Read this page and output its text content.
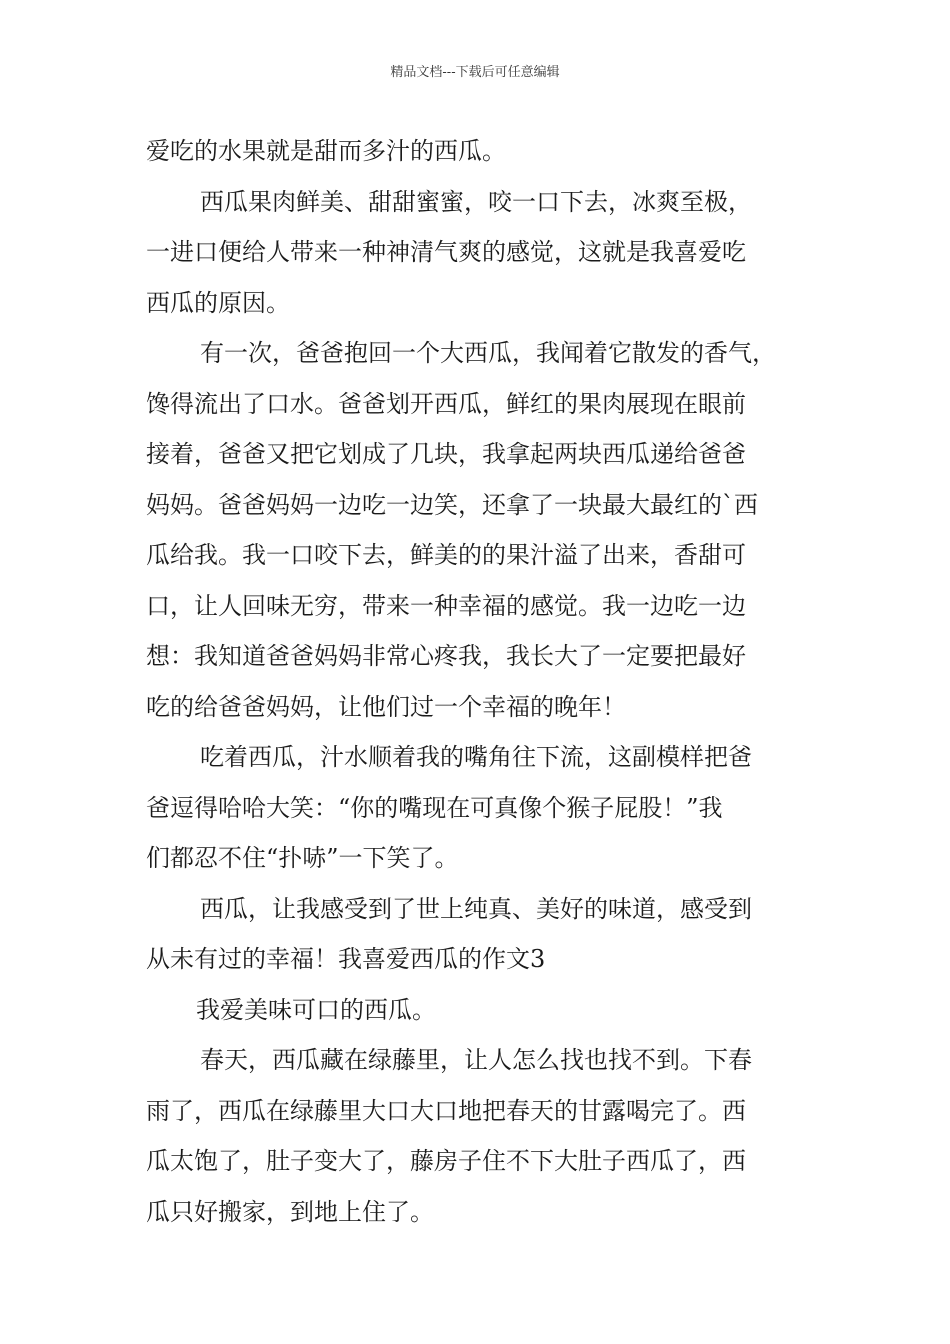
精品文档---下载后可任意编辑
爱吃的水果就是甜而多汁的西瓜。
西瓜果肉鲜美、甜甜蜜蜜，咬一口下去，冰爽至极，
一进口便给人带来一种神清气爽的感觉，这就是我喜爱吃
西瓜的原因。
有一次，爸爸抱回一个大西瓜，我闻着它散发的香气，
馋得流出了口水。爸爸划开西瓜，鲜红的果肉展现在眼前
接着，爸爸又把它划成了几块，我拿起两块西瓜递给爸爸
妈妈。爸爸妈妈一边吃一边笑，还拿了一块最大最红的`西
瓜给我。我一口咬下去，鲜美的的果汁溢了出来，香甜可
口，让人回味无穷，带来一种幸福的感觉。我一边吃一边
想：我知道爸爸妈妈非常心疼我，我长大了一定要把最好
吃的给爸爸妈妈，让他们过一个幸福的晚年！
吃着西瓜，汁水顺着我的嘴角往下流，这副模样把爸
爸逗得哈哈大笑：“你的嘴现在可真像个猴子屁股！”我
们都忍不住“扑哧”一下笑了。
西瓜，让我感受到了世上纯真、美好的味道，感受到
从未有过的幸福！我喜爱西瓜的作文3
我爱美味可口的西瓜。
春天，西瓜藏在绿藤里，让人怎么找也找不到。下春
雨了，西瓜在绿藤里大口大口地把春天的甘露喝完了。西
瓜太饱了，肚子变大了，藤房子住不下大肚子西瓜了，西
瓜只好搬家，到地上住了。
